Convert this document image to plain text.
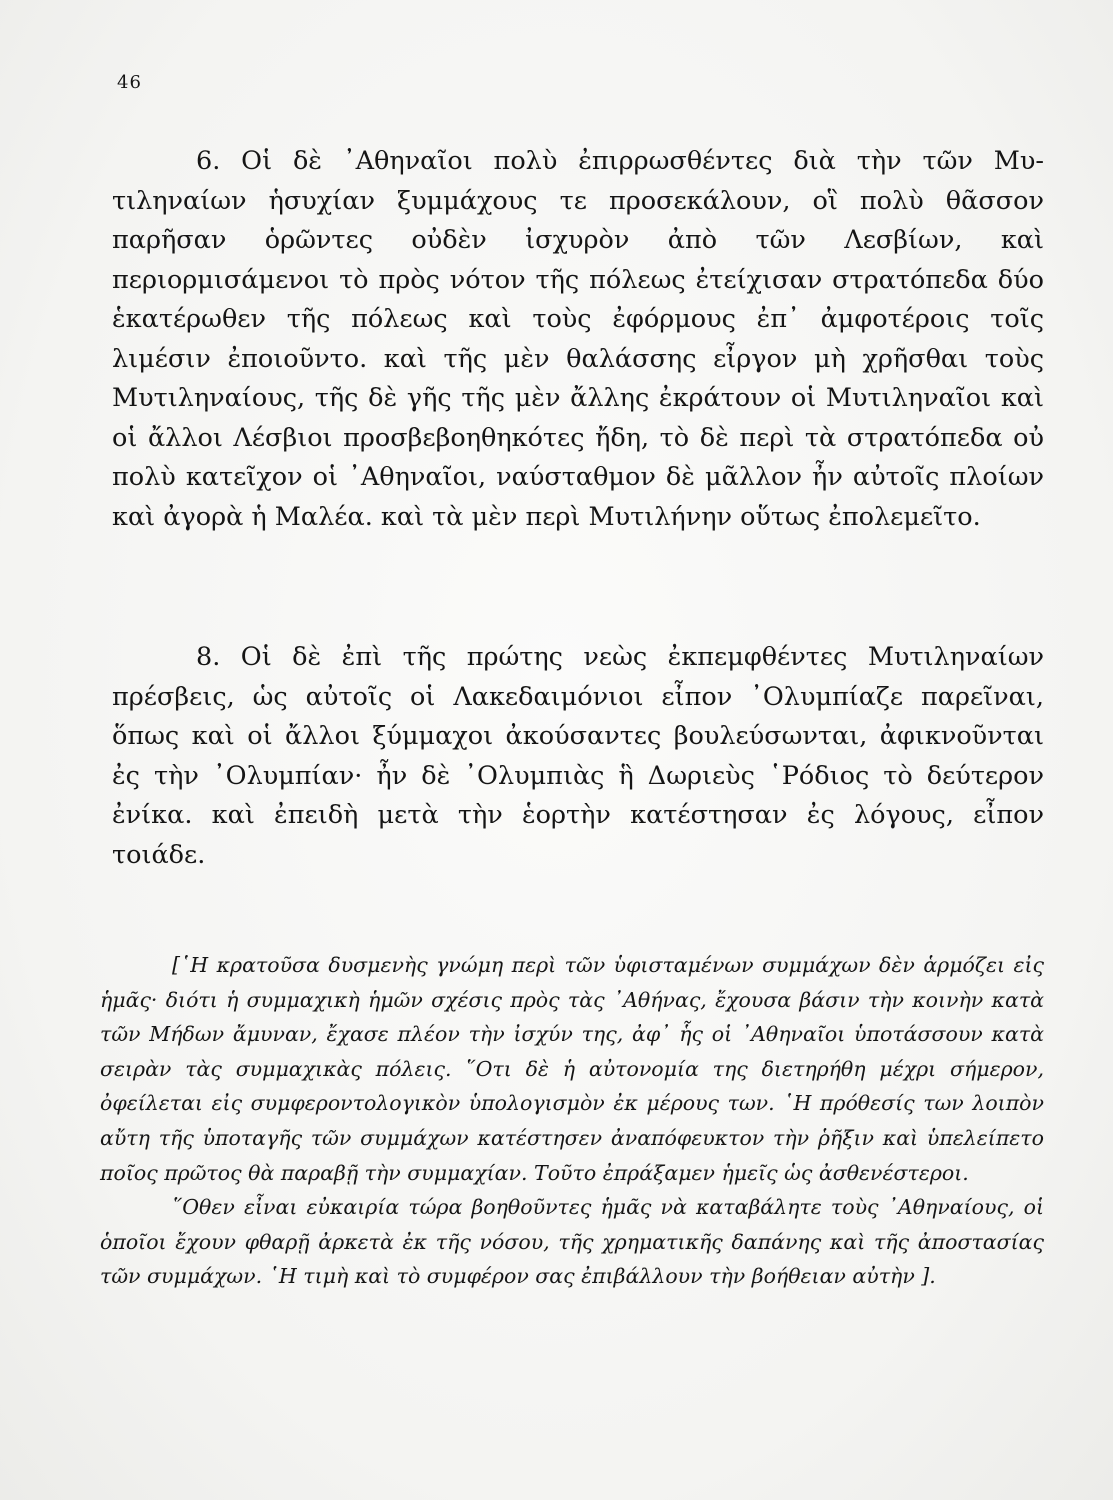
46

6. Οἱ δὲ ᾿Αθηναῖοι πολὺ ἐπιρρωσθέντες διὰ τὴν τῶν Μυτιληναίων ἡσυχίαν ξυμμάχους τε προσεκάλουν, οἳ πολὺ θᾶσσον παρῆσαν ὁρῶντες οὐδὲν ἰσχυρὸν ἀπὸ τῶν Λεσβίων, καὶ περιορμισάμενοι τὸ πρὸς νότον τῆς πόλεως ἐτείχισαν στρατόπεδα δύο ἑκατέρωθεν τῆς πόλεως καὶ τοὺς ἐφόρμους ἐπ᾿ ἀμφοτέροις τοῖς λιμέσιν ἐποιοῦντο. καὶ τῆς μὲν θαλάσσης εἶργον μὴ χρῆσθαι τοὺς Μυτιληναίους, τῆς δὲ γῆς τῆς μὲν ἄλλης ἐκράτουν οἱ Μυτιληναῖοι καὶ οἱ ἄλλοι Λέσβιοι προσβεβοηθηκότες ἤδη, τὸ δὲ περὶ τὰ στρατόπεδα οὐ πολὺ κατεῖχον οἱ ᾿Αθηναῖοι, ναύσταθμον δὲ μᾶλλον ἦν αὐτοῖς πλοίων καὶ ἀγορὰ ἡ Μαλέα. καὶ τὰ μὲν περὶ Μυτιλήνην οὕτως ἐπολεμεῖτο.

8. Οἱ δὲ ἐπὶ τῆς πρώτης νεὼς ἐκπεμφθέντες Μυτιληναίων πρέσβεις, ὡς αὐτοῖς οἱ Λακεδαιμόνιοι εἶπον ᾿Ολυμπίαζε παρεῖναι, ὅπως καὶ οἱ ἄλλοι ξύμμαχοι ἀκούσαντες βουλεύσωνται, ἀφικνοῦνται ἐς τὴν ᾿Ολυμπίαν· ἦν δὲ ᾿Ολυμπιὰς ἣ Δωριεὺς ῾Ρόδιος τὸ δεύτερον ἐνίκα. καὶ ἐπειδὴ μετὰ τὴν ἑορτὴν κατέστησαν ἐς λόγους, εἶπον τοιάδε.

[῾Η κρατοῦσα δυσμενὴς γνώμη περὶ τῶν ὑφισταμένων συμμάχων δὲν ἁρμόζει εἰς ἡμᾶς· διότι ἡ συμμαχικὴ ἡμῶν σχέσις πρὸς τὰς ᾿Αθήνας, ἔχουσα βάσιν τὴν κοινὴν κατὰ τῶν Μήδων ἄμυναν, ἔχασε πλέον τὴν ἰσχύν της, ἀφ᾿ ἧς οἱ ᾿Αθηναῖοι ὑποτάσσουν κατὰ σειρὰν τὰς συμμαχικὰς πόλεις. ῞Οτι δὲ ἡ αὐτονομία της διετηρήθη μέχρι σήμερον, ὀφείλεται εἰς συμφεροντολογικὸν ὑπολογισμὸν ἐκ μέρους των. ῾Η πρόθεσίς των λοιπὸν αὔτη τῆς ὑποταγῆς τῶν συμμάχων κατέστησεν ἀναπόφευκτον τὴν ῥῆξιν καὶ ὑπελείπετο ποῖος πρῶτος θὰ παραβῇ τὴν συμμαχίαν. Τοῦτο ἐπράξαμεν ἡμεῖς ὡς ἀσθενέστεροι.

῞Οθεν εἶναι εὐκαιρία τώρα βοηθοῦντες ἡμᾶς νὰ καταβάλητε τοὺς ᾿Αθηναίους, οἱ ὁποῖοι ἔχουν φθαρῇ ἀρκετὰ ἐκ τῆς νόσου, τῆς χρηματικῆς δαπάνης καὶ τῆς ἀποστασίας τῶν συμμάχων. ῾Η τιμὴ καὶ τὸ συμφέρον σας ἐπιβάλλουν τὴν βοήθειαν αὐτὴν ].
